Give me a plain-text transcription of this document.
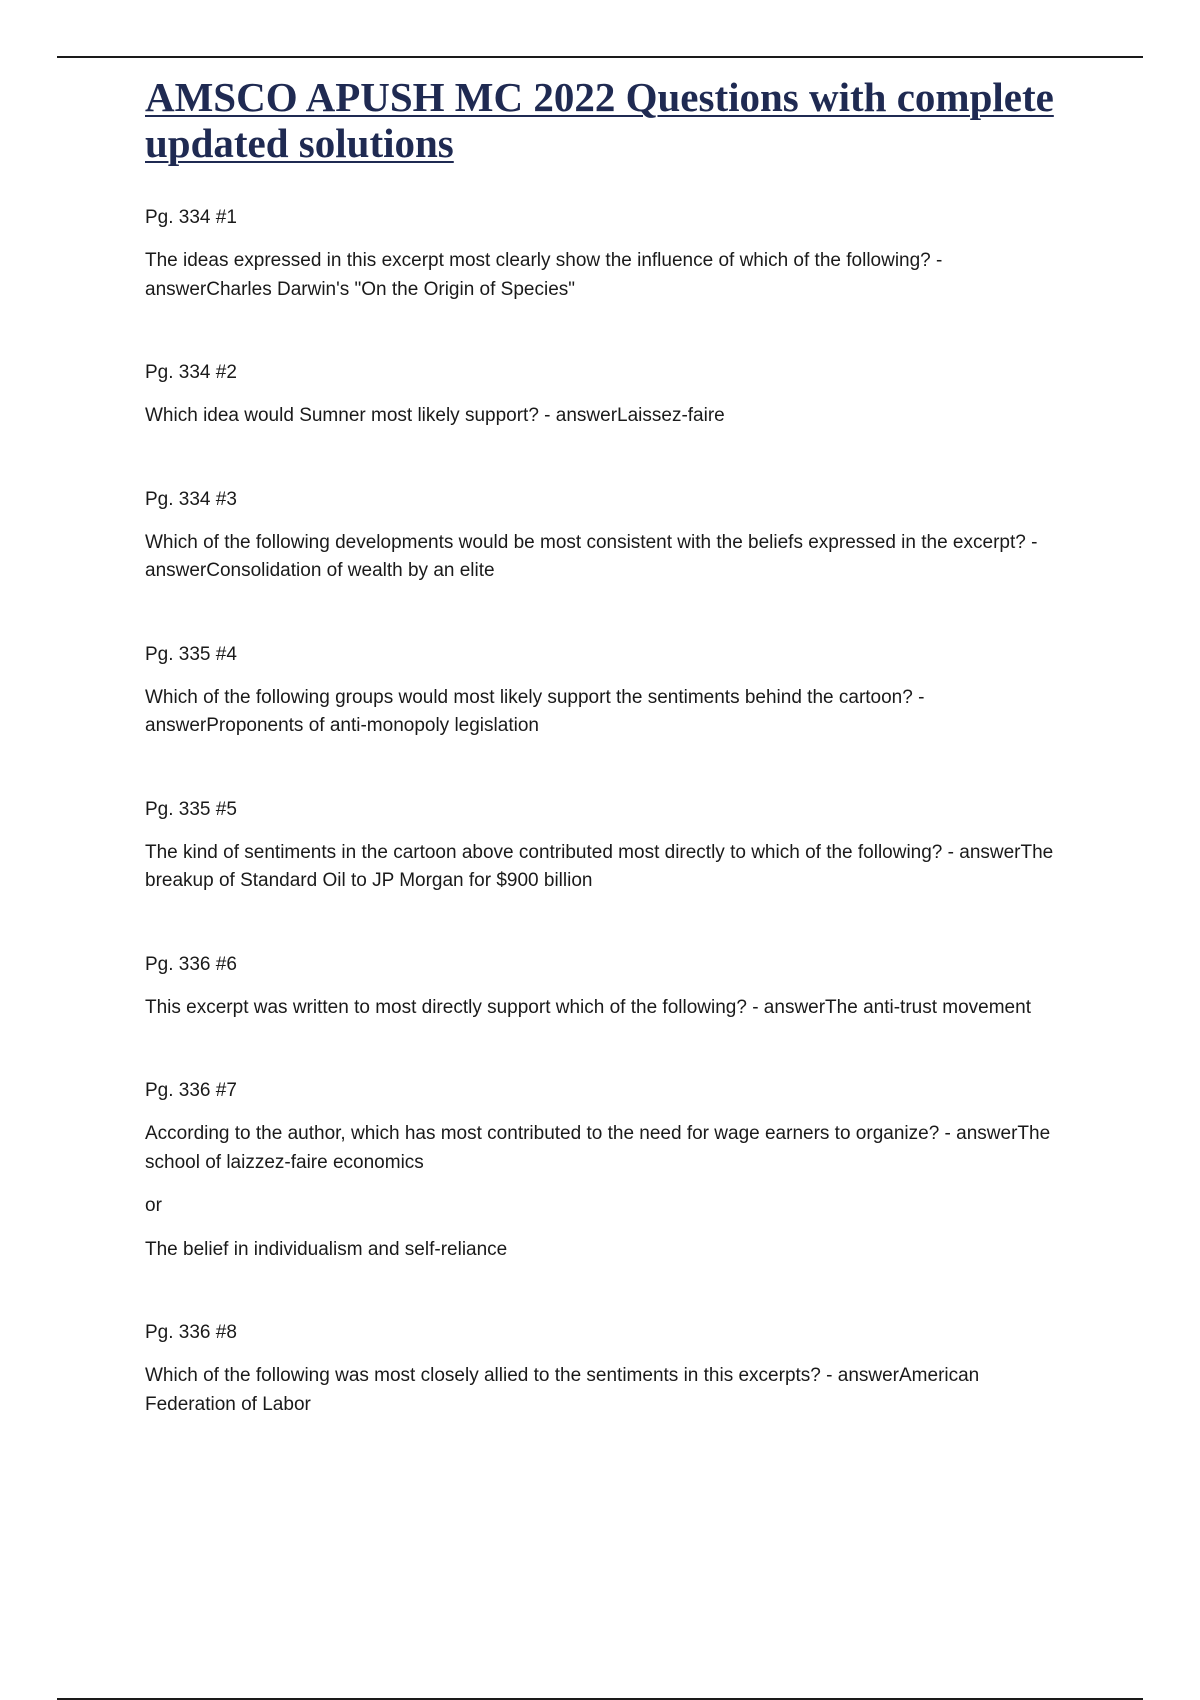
AMSCO APUSH MC 2022 Questions with complete updated solutions

Pg. 334 #1

The ideas expressed in this excerpt most clearly show the influence of which of the following? - answerCharles Darwin's "On the Origin of Species"

Pg. 334 #2

Which idea would Sumner most likely support? - answerLaissez-faire

Pg. 334 #3

Which of the following developments would be most consistent with the beliefs expressed in the excerpt? - answerConsolidation of wealth by an elite

Pg. 335 #4

Which of the following groups would most likely support the sentiments behind the cartoon? - answerProponents of anti-monopoly legislation

Pg. 335 #5

The kind of sentiments in the cartoon above contributed most directly to which of the following? - answerThe breakup of Standard Oil to JP Morgan for $900 billion

Pg. 336 #6

This excerpt was written to most directly support which of the following? - answerThe anti-trust movement

Pg. 336 #7

According to the author, which has most contributed to the need for wage earners to organize? - answerThe school of laizzez-faire economics

or

The belief in individualism and self-reliance

Pg. 336 #8

Which of the following was most closely allied to the sentiments in this excerpts? - answerAmerican Federation of Labor
